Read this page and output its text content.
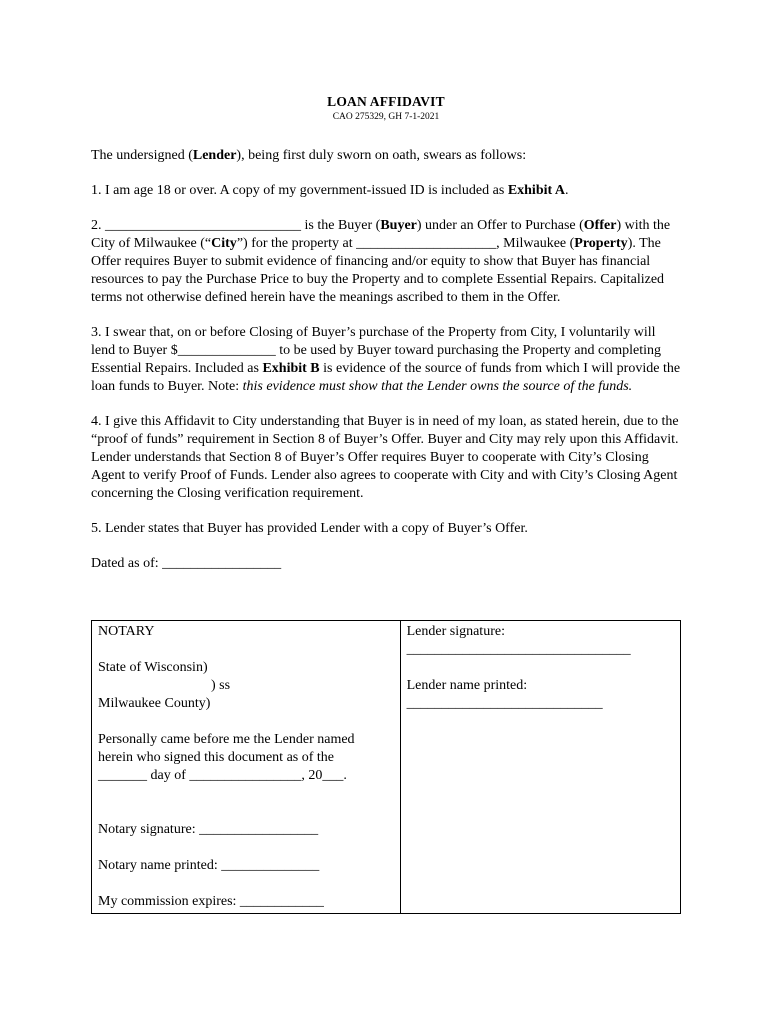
LOAN AFFIDAVIT

CAO 275329, GH 7-1-2021

The undersigned (Lender), being first duly sworn on oath, swears as follows:

1. I am age 18 or over. A copy of my government-issued ID is included as Exhibit A.

2. ____________________________ is the Buyer (Buyer) under an Offer to Purchase (Offer) with the City of Milwaukee (“City”) for the property at ____________________, Milwaukee (Property). The Offer requires Buyer to submit evidence of financing and/or equity to show that Buyer has financial resources to pay the Purchase Price to buy the Property and to complete Essential Repairs. Capitalized terms not otherwise defined herein have the meanings ascribed to them in the Offer.

3. I swear that, on or before Closing of Buyer’s purchase of the Property from City, I voluntarily will lend to Buyer $______________ to be used by Buyer toward purchasing the Property and completing Essential Repairs. Included as Exhibit B is evidence of the source of funds from which I will provide the loan funds to Buyer. Note: this evidence must show that the Lender owns the source of the funds.

4. I give this Affidavit to City understanding that Buyer is in need of my loan, as stated herein, due to the “proof of funds” requirement in Section 8 of Buyer’s Offer. Buyer and City may rely upon this Affidavit. Lender understands that Section 8 of Buyer’s Offer requires Buyer to cooperate with City’s Closing Agent to verify Proof of Funds. Lender also agrees to cooperate with City and with City’s Closing Agent concerning the Closing verification requirement.

5. Lender states that Buyer has provided Lender with a copy of Buyer’s Offer.

Dated as of: _________________

NOTARY

State of Wisconsin)
) ss
Milwaukee County)

Personally came before me the Lender named
herein who signed this document as of the
_______ day of ________________, 20___.

Notary signature: _________________

Notary name printed: ______________

My commission expires: ____________

Lender signature:
________________________________

Lender name printed:
____________________________
